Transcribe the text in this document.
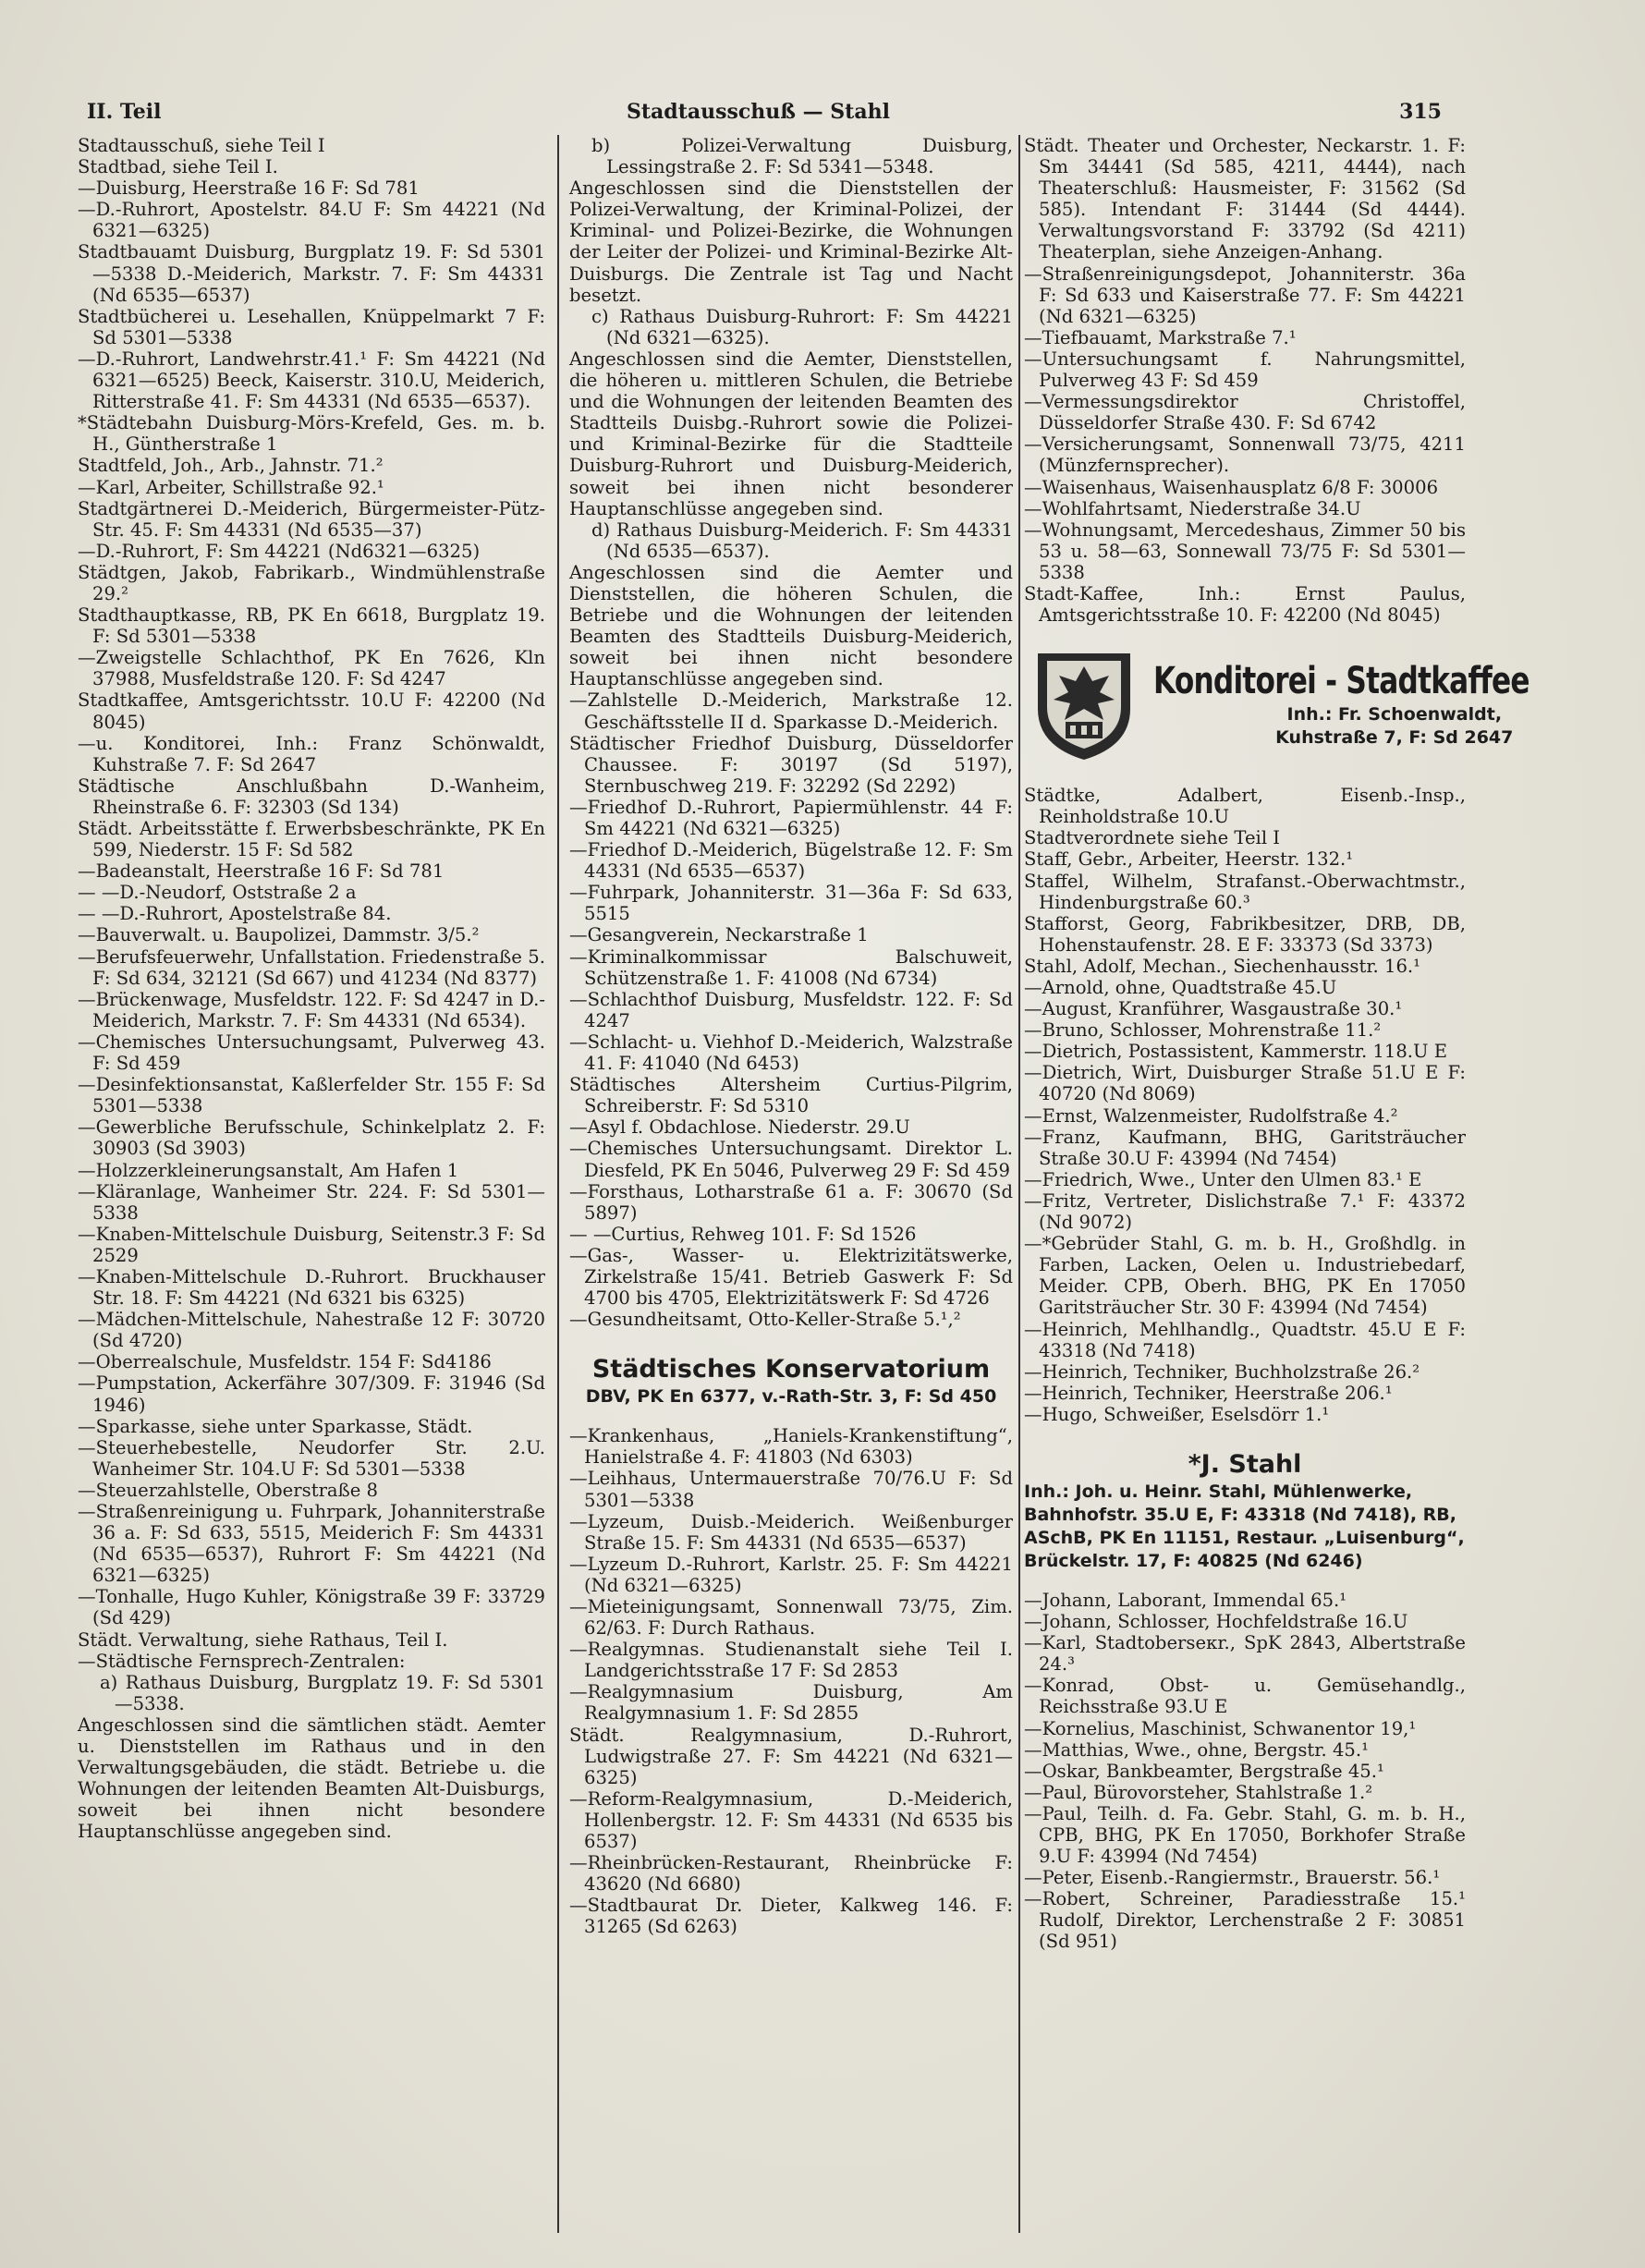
II. Teil	Stadtausschuß — Stahl	315

Stadtausschuß, siehe Teil I

Stadtbad, siehe Teil I.

—Duisburg, Heerstraße 16 F: Sd 781

—D.-Ruhrort, Apostelstr. 84.U F: Sm 44221 (Nd 6321—6325)

Stadtbauamt Duisburg, Burgplatz 19. F: Sd 5301—5338 D.-Meiderich, Markstr. 7. F: Sm 44331 (Nd 6535—6537)

Stadtbücherei u. Lesehallen, Knüppelmarkt 7 F: Sd 5301—5338

—D.-Ruhrort, Landwehrstr.41.¹ F: Sm 44221 (Nd 6321—6525) Beeck, Kaiserstr. 310.U, Meiderich, Ritterstraße 41. F: Sm 44331 (Nd 6535—6537).

*Städtebahn Duisburg-Mörs-Krefeld, Ges. m. b. H., Güntherstraße 1

Stadtfeld, Joh., Arb., Jahnstr. 71.²

—Karl, Arbeiter, Schillstraße 92.¹

Stadtgärtnerei D.-Meiderich, Bürgermeister-Pütz-Str. 45. F: Sm 44331 (Nd 6535—37)

—D.-Ruhrort, F: Sm 44221 (Nd6321—6325)

Städtgen, Jakob, Fabrikarb., Windmühlenstraße 29.²

Stadthauptkasse, RB, PK En 6618, Burgplatz 19. F: Sd 5301—5338

—Zweigstelle Schlachthof, PK En 7626, Kln 37988, Musfeldstraße 120. F: Sd 4247

Stadtkaffee, Amtsgerichtsstr. 10.U F: 42200 (Nd 8045)

—u. Konditorei, Inh.: Franz Schönwaldt, Kuhstraße 7. F: Sd 2647

Städtische Anschlußbahn D.-Wanheim, Rheinstraße 6. F: 32303 (Sd 134)

Städt. Arbeitsstätte f. Erwerbsbeschränkte, PK En 599, Niederstr. 15 F: Sd 582

—Badeanstalt, Heerstraße 16 F: Sd 781

— —D.-Neudorf, Oststraße 2 a

— —D.-Ruhrort, Apostelstraße 84.

—Bauverwalt. u. Baupolizei, Dammstr. 3/5.²

—Berufsfeuerwehr, Unfallstation. Friedenstraße 5. F: Sd 634, 32121 (Sd 667) und 41234 (Nd 8377)

—Brückenwage, Musfeldstr. 122. F: Sd 4247 in D.-Meiderich, Markstr. 7. F: Sm 44331 (Nd 6534).

—Chemisches Untersuchungsamt, Pulverweg 43. F: Sd 459

—Desinfektionsanstat, Kaßlerfelder Str. 155 F: Sd 5301—5338

—Gewerbliche Berufsschule, Schinkelplatz 2. F: 30903 (Sd 3903)

—Holzzerkleinerungsanstalt, Am Hafen 1

—Kläranlage, Wanheimer Str. 224. F: Sd 5301—5338

—Knaben-Mittelschule Duisburg, Seitenstr.3 F: Sd 2529

—Knaben-Mittelschule D.-Ruhrort. Bruckhauser Str. 18. F: Sm 44221 (Nd 6321 bis 6325)

—Mädchen-Mittelschule, Nahestraße 12 F: 30720 (Sd 4720)

—Oberrealschule, Musfeldstr. 154 F: Sd4186

—Pumpstation, Ackerfähre 307/309. F: 31946 (Sd 1946)

—Sparkasse, siehe unter Sparkasse, Städt.

—Steuerhebestelle, Neudorfer Str. 2.U. Wanheimer Str. 104.U F: Sd 5301—5338

—Steuerzahlstelle, Oberstraße 8

—Straßenreinigung u. Fuhrpark, Johanniterstraße 36 a. F: Sd 633, 5515, Meiderich F: Sm 44331 (Nd 6535—6537), Ruhrort F: Sm 44221 (Nd 6321—6325)

—Tonhalle, Hugo Kuhler, Königstraße 39 F: 33729 (Sd 429)

Städt. Verwaltung, siehe Rathaus, Teil I.

—Städtische Fernsprech-Zentralen:

a) Rathaus Duisburg, Burgplatz 19. F: Sd 5301—5338.

Angeschlossen sind die sämtlichen städt. Aemter u. Dienststellen im Rathaus und in den Verwaltungsgebäuden, die städt. Betriebe u. die Wohnungen der leitenden Beamten Alt-Duisburgs, soweit bei ihnen nicht besondere Hauptanschlüsse angegeben sind.

b) Polizei-Verwaltung Duisburg, Lessingstraße 2. F: Sd 5341—5348.

Angeschlossen sind die Dienststellen der Polizei-Verwaltung, der Kriminal-Polizei, der Kriminal- und Polizei-Bezirke, die Wohnungen der Leiter der Polizei- und Kriminal-Bezirke Alt-Duisburgs. Die Zentrale ist Tag und Nacht besetzt.

c) Rathaus Duisburg-Ruhrort: F: Sm 44221 (Nd 6321—6325).

Angeschlossen sind die Aemter, Dienststellen, die höheren u. mittleren Schulen, die Betriebe und die Wohnungen der leitenden Beamten des Stadtteils Duisbg.-Ruhrort sowie die Polizei- und Kriminal-Bezirke für die Stadtteile Duisburg-Ruhrort und Duisburg-Meiderich, soweit bei ihnen nicht besonderer Hauptanschlüsse angegeben sind.

d) Rathaus Duisburg-Meiderich. F: Sm 44331 (Nd 6535—6537).

Angeschlossen sind die Aemter und Dienststellen, die höheren Schulen, die Betriebe und die Wohnungen der leitenden Beamten des Stadtteils Duisburg-Meiderich, soweit bei ihnen nicht besondere Hauptanschlüsse angegeben sind.

—Zahlstelle D.-Meiderich, Markstraße 12. Geschäftsstelle II d. Sparkasse D.-Meiderich.

Städtischer Friedhof Duisburg, Düsseldorfer Chaussee. F: 30197 (Sd 5197), Sternbuschweg 219. F: 32292 (Sd 2292)

—Friedhof D.-Ruhrort, Papiermühlenstr. 44 F: Sm 44221 (Nd 6321—6325)

—Friedhof D.-Meiderich, Bügelstraße 12. F: Sm 44331 (Nd 6535—6537)

—Fuhrpark, Johanniterstr. 31—36a F: Sd 633, 5515

—Gesangverein, Neckarstraße 1

—Kriminalkommissar Balschuweit, Schützenstraße 1. F: 41008 (Nd 6734)

—Schlachthof Duisburg, Musfeldstr. 122. F: Sd 4247

—Schlacht- u. Viehhof D.-Meiderich, Walzstraße 41. F: 41040 (Nd 6453)

Städtisches Altersheim Curtius-Pilgrim, Schreiberstr. F: Sd 5310

—Asyl f. Obdachlose. Niederstr. 29.U

—Chemisches Untersuchungsamt. Direktor L. Diesfeld, PK En 5046, Pulverweg 29 F: Sd 459

—Forsthaus, Lotharstraße 61 a. F: 30670 (Sd 5897)

— —Curtius, Rehweg 101. F: Sd 1526

—Gas-, Wasser- u. Elektrizitätswerke, Zirkelstraße 15/41. Betrieb Gaswerk F: Sd 4700 bis 4705, Elektrizitätswerk F: Sd 4726

—Gesundheitsamt, Otto-Keller-Straße 5.¹,²

Städtisches Konservatorium
DBV, PK En 6377, v.-Rath-Str. 3, F: Sd 450

—Krankenhaus, „Haniels-Krankenstiftung“, Hanielstraße 4. F: 41803 (Nd 6303)

—Leihhaus, Untermauerstraße 70/76.U F: Sd 5301—5338

—Lyzeum, Duisb.-Meiderich. Weißenburger Straße 15. F: Sm 44331 (Nd 6535—6537)

—Lyzeum D.-Ruhrort, Karlstr. 25. F: Sm 44221 (Nd 6321—6325)

—Mieteinigungsamt, Sonnenwall 73/75, Zim. 62/63. F: Durch Rathaus.

—Realgymnas. Studienanstalt siehe Teil I. Landgerichtsstraße 17 F: Sd 2853

—Realgymnasium Duisburg, Am Realgymnasium 1. F: Sd 2855

Städt. Realgymnasium, D.-Ruhrort, Ludwigstraße 27. F: Sm 44221 (Nd 6321—6325)

—Reform-Realgymnasium, D.-Meiderich, Hollenbergstr. 12. F: Sm 44331 (Nd 6535 bis 6537)

—Rheinbrücken-Restaurant, Rheinbrücke F: 43620 (Nd 6680)

—Stadtbaurat Dr. Dieter, Kalkweg 146. F: 31265 (Sd 6263)

Städt. Theater und Orchester, Neckarstr. 1. F: Sm 34441 (Sd 585, 4211, 4444), nach Theaterschluß: Hausmeister, F: 31562 (Sd 585). Intendant F: 31444 (Sd 4444). Verwaltungsvorstand F: 33792 (Sd 4211) Theaterplan, siehe Anzeigen-Anhang.

—Straßenreinigungsdepot, Johanniterstr. 36a F: Sd 633 und Kaiserstraße 77. F: Sm 44221 (Nd 6321—6325)

—Tiefbauamt, Markstraße 7.¹

—Untersuchungsamt f. Nahrungsmittel, Pulverweg 43 F: Sd 459

—Vermessungsdirektor Christoffel, Düsseldorfer Straße 430. F: Sd 6742

—Versicherungsamt, Sonnenwall 73/75, 4211 (Münzfernsprecher).

—Waisenhaus, Waisenhausplatz 6/8 F: 30006

—Wohlfahrtsamt, Niederstraße 34.U

—Wohnungsamt, Mercedeshaus, Zimmer 50 bis 53 u. 58—63, Sonnewall 73/75 F: Sd 5301—5338

Stadt-Kaffee, Inh.: Ernst Paulus, Amtsgerichtsstraße 10. F: 42200 (Nd 8045)

Konditorei - Stadtkaffee
Inh.: Fr. Schoenwaldt,
Kuhstraße 7, F: Sd 2647

Städtke, Adalbert, Eisenb.-Insp., Reinholdstraße 10.U

Stadtverordnete siehe Teil I

Staff, Gebr., Arbeiter, Heerstr. 132.¹

Staffel, Wilhelm, Strafanst.-Oberwachtmstr., Hindenburgstraße 60.³

Stafforst, Georg, Fabrikbesitzer, DRB, DB, Hohenstaufenstr. 28. E F: 33373 (Sd 3373)

Stahl, Adolf, Mechan., Siechenhausstr. 16.¹

—Arnold, ohne, Quadtstraße 45.U

—August, Kranführer, Wasgaustraße 30.¹

—Bruno, Schlosser, Mohrenstraße 11.²

—Dietrich, Postassistent, Kammerstr. 118.U E

—Dietrich, Wirt, Duisburger Straße 51.U E F: 40720 (Nd 8069)

—Ernst, Walzenmeister, Rudolfstraße 4.²

—Franz, Kaufmann, BHG, Garitsträucher Straße 30.U F: 43994 (Nd 7454)

—Friedrich, Wwe., Unter den Ulmen 83.¹ E

—Fritz, Vertreter, Dislichstraße 7.¹ F: 43372 (Nd 9072)

—*Gebrüder Stahl, G. m. b. H., Großhdlg. in Farben, Lacken, Oelen u. Industriebedarf, Meider. CPB, Oberh. BHG, PK En 17050 Garitsträucher Str. 30 F: 43994 (Nd 7454)

—Heinrich, Mehlhandlg., Quadtstr. 45.U E F: 43318 (Nd 7418)

—Heinrich, Techniker, Buchholzstraße 26.²

—Heinrich, Techniker, Heerstraße 206.¹

—Hugo, Schweißer, Eselsdörr 1.¹

*J. Stahl
Inh.: Joh. u. Heinr. Stahl, Mühlenwerke, Bahnhofstr. 35.U E, F: 43318 (Nd 7418), RB, ASchB, PK En 11151, Restaur. „Luisenburg“, Brückelstr. 17, F: 40825 (Nd 6246)

—Johann, Laborant, Immendal 65.¹

—Johann, Schlosser, Hochfeldstraße 16.U

—Karl, Stadtoberseкr., SpK 2843, Albertstraße 24.³

—Konrad, Obst- u. Gemüsehandlg., Reichsstraße 93.U E

—Kornelius, Maschinist, Schwanentor 19,¹

—Matthias, Wwe., ohne, Bergstr. 45.¹

—Oskar, Bankbeamter, Bergstraße 45.¹

—Paul, Bürovorsteher, Stahlstraße 1.²

—Paul, Teilh. d. Fa. Gebr. Stahl, G. m. b. H., CPB, BHG, PK En 17050, Borkhofer Straße 9.U F: 43994 (Nd 7454)

—Peter, Eisenb.-Rangiermstr., Brauerstr. 56.¹

—Robert, Schreiner, Paradiesstraße 15.¹ Rudolf, Direktor, Lerchenstraße 2 F: 30851 (Sd 951)
